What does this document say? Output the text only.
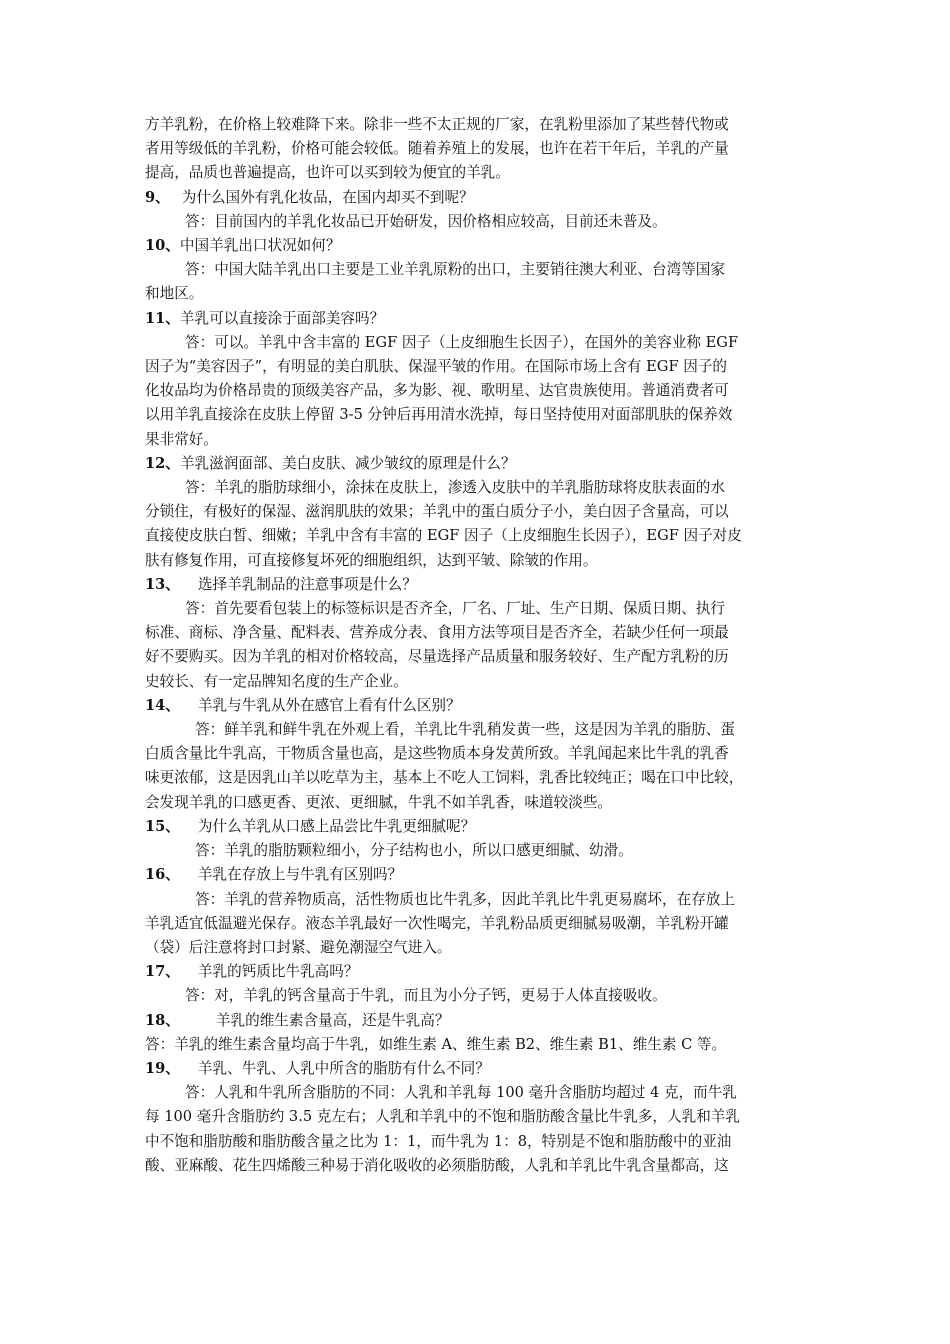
方羊乳粉，在价格上较难降下来。除非一些不太正规的厂家，在乳粉里添加了某些替代物或

者用等级低的羊乳粉，价格可能会较低。随着养殖上的发展，也许在若干年后，羊乳的产量

提高，品质也普遍提高，也许可以买到较为便宜的羊乳。

9、 为什么国外有乳化妆品，在国内却买不到呢？

答：目前国内的羊乳化妆品已开始研发，因价格相应较高，目前还未普及。

10、中国羊乳出口状况如何？

答：中国大陆羊乳出口主要是工业羊乳原粉的出口，主要销往澳大利亚、台湾等国家

和地区。

11、羊乳可以直接涂于面部美容吗？

答：可以。羊乳中含丰富的 EGF 因子（上皮细胞生长因子），在国外的美容业称 EGF

因子为“美容因子”，有明显的美白肌肤、保湿平皱的作用。在国际市场上含有 EGF 因子的

化妆品均为价格昂贵的顶级美容产品，多为影、视、歌明星、达官贵族使用。普通消费者可

以用羊乳直接涂在皮肤上停留 3-5 分钟后再用清水洗掉，每日坚持使用对面部肌肤的保养效

果非常好。

12、羊乳滋润面部、美白皮肤、减少皱纹的原理是什么？

答：羊乳的脂肪球细小，涂抹在皮肤上，渗透入皮肤中的羊乳脂肪球将皮肤表面的水

分锁住，有极好的保湿、滋润肌肤的效果；羊乳中的蛋白质分子小，美白因子含量高，可以

直接使皮肤白皙、细嫩；羊乳中含有丰富的 EGF 因子（上皮细胞生长因子），EGF 因子对皮

肤有修复作用，可直接修复坏死的细胞组织，达到平皱、除皱的作用。

13、 选择羊乳制品的注意事项是什么？

答：首先要看包装上的标签标识是否齐全，厂名、厂址、生产日期、保质日期、执行

标准、商标、净含量、配料表、营养成分表、食用方法等项目是否齐全，若缺少任何一项最

好不要购买。因为羊乳的相对价格较高，尽量选择产品质量和服务较好、生产配方乳粉的历

史较长、有一定品牌知名度的生产企业。

14、 羊乳与牛乳从外在感官上看有什么区别？

答：鲜羊乳和鲜牛乳在外观上看，羊乳比牛乳稍发黄一些，这是因为羊乳的脂肪、蛋

白质含量比牛乳高，干物质含量也高，是这些物质本身发黄所致。羊乳闻起来比牛乳的乳香

味更浓郁，这是因乳山羊以吃草为主，基本上不吃人工饲料，乳香比较纯正；喝在口中比较，

会发现羊乳的口感更香、更浓、更细腻，牛乳不如羊乳香，味道较淡些。

15、 为什么羊乳从口感上品尝比牛乳更细腻呢？

答：羊乳的脂肪颗粒细小，分子结构也小，所以口感更细腻、幼滑。

16、 羊乳在存放上与牛乳有区别吗？

答：羊乳的营养物质高，活性物质也比牛乳多，因此羊乳比牛乳更易腐坏，在存放上

羊乳适宜低温避光保存。液态羊乳最好一次性喝完，羊乳粉品质更细腻易吸潮，羊乳粉开罐

（袋）后注意将封口封紧、避免潮湿空气进入。

17、 羊乳的钙质比牛乳高吗？

答：对，羊乳的钙含量高于牛乳，而且为小分子钙，更易于人体直接吸收。

18、 羊乳的维生素含量高，还是牛乳高？

答：羊乳的维生素含量均高于牛乳，如维生素 A、维生素 B2、维生素 B1、维生素 C 等。

19、 羊乳、牛乳、人乳中所含的脂肪有什么不同？

答：人乳和牛乳所含脂肪的不同：人乳和羊乳每 100 毫升含脂肪均超过 4 克，而牛乳

每 100 毫升含脂肪约 3.5 克左右；人乳和羊乳中的不饱和脂肪酸含量比牛乳多，人乳和羊乳

中不饱和脂肪酸和脂肪酸含量之比为 1：1，而牛乳为 1：8，特别是不饱和脂肪酸中的亚油

酸、亚麻酸、花生四烯酸三种易于消化吸收的必须脂肪酸，人乳和羊乳比牛乳含量都高，这
